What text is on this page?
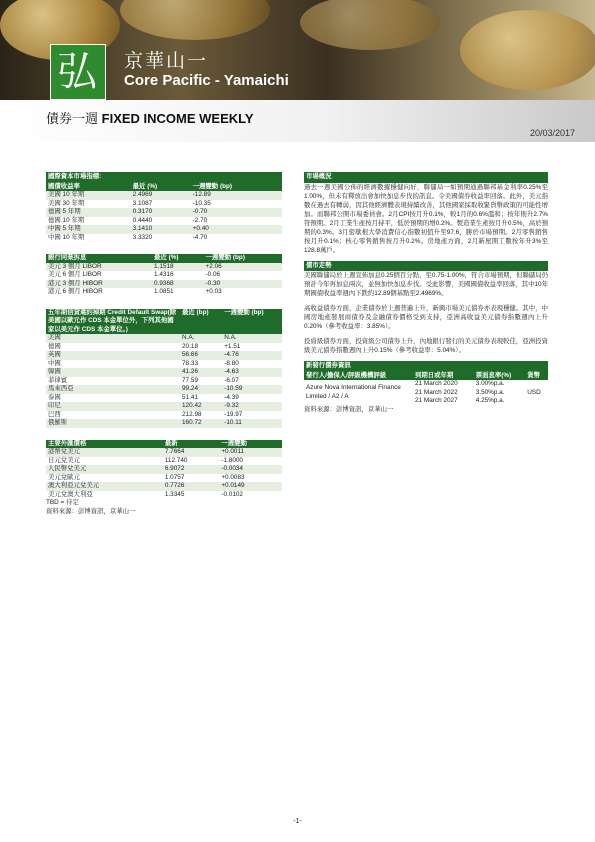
弘 京華山一
Core Pacific - Yamaichi
債券一週 FIXED INCOME WEEKLY
20/03/2017
國際資本市場指標:
國債收益率	最近 (%)	一週變動 (bp)
美國 10 年期	2.4969	-12.89
美國 30 年期	3.1087	-10.35
德國 5 年期	0.3170	-0.70
德國 10 年期	0.4440	-2.70
中國 5 年期	3.1410	+0.40
中國 10 年期	3.3320	-4.70
銀行同業拆息	最近 (%)	一週變動 (bp)
美元 3 個月 LIBOR	1.1518	+2.06
美元 6 個月 LIBOR	1.4316	-0.06
港元 3 個月 HIBOR	0.9368	-0.30
港元 6 個月 HIBOR	1.0851	+0.03
五年期信貸違約掉期 Credit Default Swap(除美國以歐元作 CDS 本金單位外，下列其他國家以美元作 CDS 本金單位。)	最近 (bp)	一週變動 (bp)
美國	N.A.	N.A.
德國	20.18	+1.51
英國	56.66	-4.76
中國	78.33	-8.80
韓國	41.26	-4.63
菲律賓	77.59	-6.07
馬來西亞	99.24	-10.59
泰國	51.41	-4.39
印尼	120.42	-9.32
巴西	212.98	-19.97
俄羅斯	160.72	-10.11
主要外匯價格	最新	一週變動
港幣兌美元	7.7664	+0.0011
日元兌美元	112.740	-1.8000
人民幣兌美元	6.9072	-0.0034
美元兌歐元	1.0757	+0.0083
澳大利亞元兌美元	0.7726	+0.0149
美元兌澳大利亞	1.3345	-0.0102
TBD = 待定
資料來源：彭博資訊，京華山一
市場概況

過去一週美國公佈的經濟數據穩健向好，聯儲局一如預期通過聯邦基金利率0.25%至1.00%，但未有釋放出會加快加息步伐的訊息。令美國債券收益率回落。此外，美元指數在過去有轉弱，因其他經濟體表現持續改善，其他國家採取收緊貨幣政策的可能性增加。而聯邦公開市場委員會。2月CPI按月升0.1%，較1月的0.6%溫和；按年則升2.7%符預期。2月工業生產按月持平，低於預期的增0.2%。製造業生產按月升0.5%，高於預期的0.3%。3月密歇根大學消費信心指數初值升至97.6，勝於市場預期。2月零售銷售按月升0.1%；核心零售銷售按月升0.2%。房地產方面，2月新屋開工數按年升3%至128.8萬戶。

債市走勢

美國聯儲局於上週宣佈加息0.25個百分點，至0.75-1.00%，符合市場預期，但聯儲局仍預計今年再加息兩次，並無加快加息步伐。受此影響，美國國債收益率回落，其中10年期國債收益率週內下跌約12.89個基點至2.4969%。

高收益債券方面，企業債券於上週普遍上升，新興市場美元債券亦表現穩健。其中，中國房地產發展商債券及金融債券價格受到支持，亞洲高收益美元債券指數週內上升0.20%（參考收益率：3.85%）。

投資級債券方面，投資級公司債券上升，內地銀行發行的美元債券表現較佳，亞洲投資級美元債券指數週內上升0.15%（參考收益率：5.04%）。

新發行債券資訊
發行人/擔保人/評級機構評級	到期日或年期	票面息率(%)	貨幣
Azure Nova International Finance Limited / A2 / A	21 March 2020	3.00%p.a.	USD
	21 March 2022	3.50%p.a.	
	21 March 2027	4.25%p.a.	
資料來源：彭博資訊，京華山一
-1-
